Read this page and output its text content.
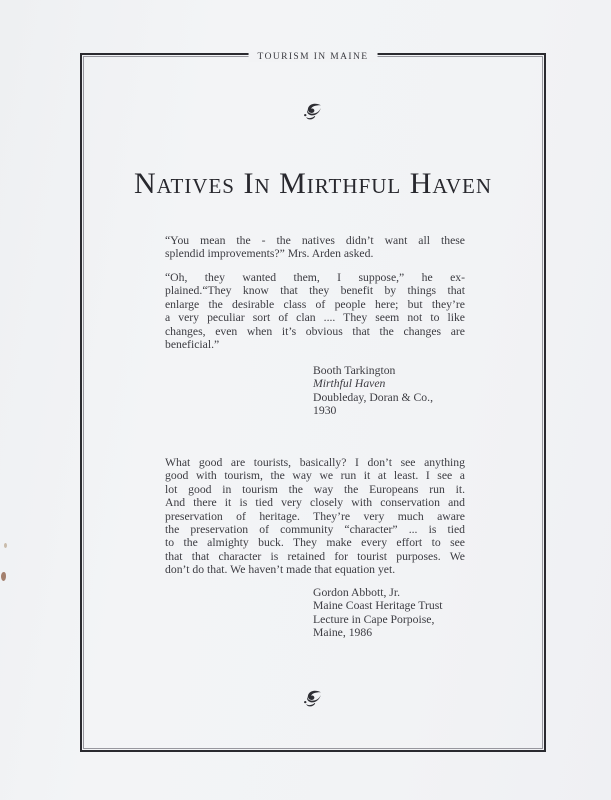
TOURISM IN MAINE
Natives In Mirthful Haven
“You mean the - the natives didn’t want all these
splendid improvements?” Mrs. Arden asked.
“Oh, they wanted them, I suppose,” he ex-
plained.“They know that they benefit by things that
enlarge the desirable class of people here; but they’re
a very peculiar sort of clan .... They seem not to like
changes, even when it’s obvious that the changes are
beneficial.”
Booth Tarkington
Mirthful Haven
Doubleday, Doran & Co.,
1930
What good are tourists, basically? I don’t see anything
good with tourism, the way we run it at least. I see a
lot good in tourism the way the Europeans run it.
And there it is tied very closely with conservation and
preservation of heritage. They’re very much aware
the preservation of community “character” ... is tied
to the almighty buck. They make every effort to see
that that character is retained for tourist purposes. We
don’t do that. We haven’t made that equation yet.
Gordon Abbott, Jr.
Maine Coast Heritage Trust
Lecture in Cape Porpoise,
Maine, 1986
